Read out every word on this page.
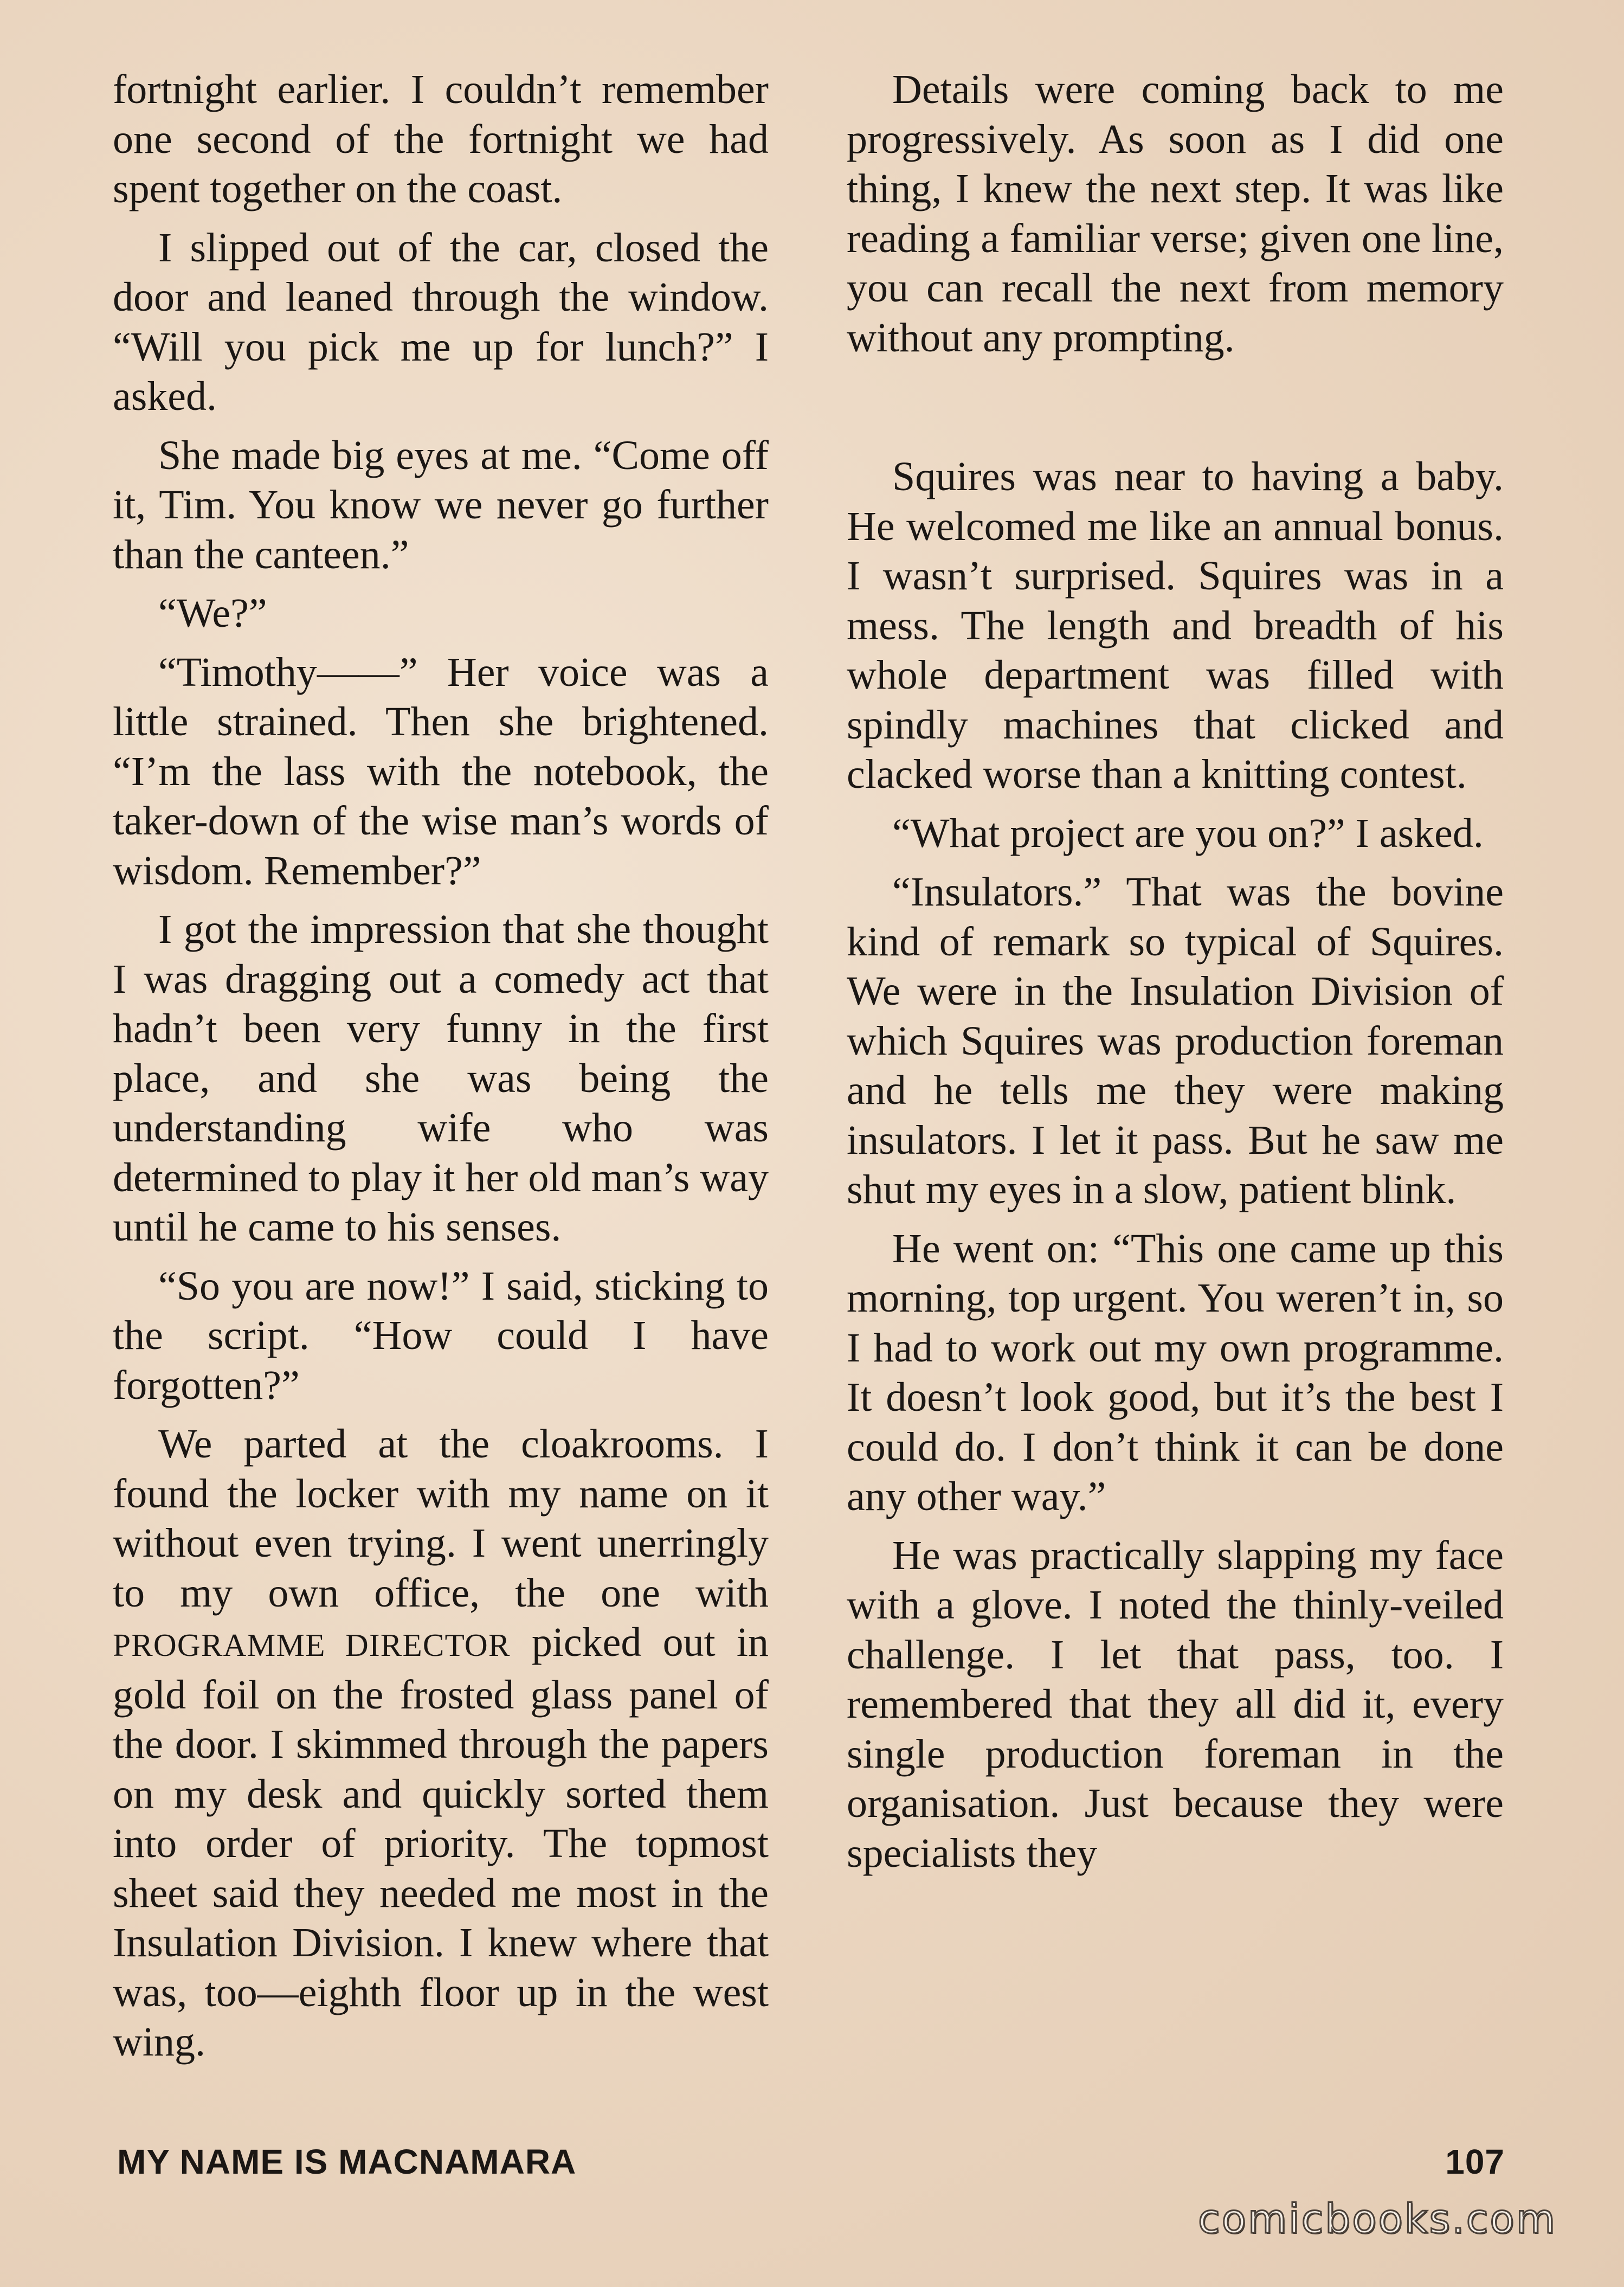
fortnight earlier. I couldn’t remember one second of the fortnight we had spent together on the coast.

I slipped out of the car, closed the door and leaned through the window. “Will you pick me up for lunch?” I asked.

She made big eyes at me. “Come off it, Tim. You know we never go further than the canteen.”

“We?”

“Timothy——” Her voice was a little strained. Then she brightened. “I’m the lass with the notebook, the taker-down of the wise man’s words of wisdom. Remember?”

I got the impression that she thought I was dragging out a comedy act that hadn’t been very funny in the first place, and she was being the understanding wife who was determined to play it her old man’s way until he came to his senses.

“So you are now!” I said, sticking to the script. “How could I have forgotten?”

We parted at the cloakrooms. I found the locker with my name on it without even trying. I went unerringly to my own office, the one with PROGRAMME DIRECTOR picked out in gold foil on the frosted glass panel of the door. I skimmed through the papers on my desk and quickly sorted them into order of priority. The topmost sheet said they needed me most in the Insulation Division. I knew where that was, too—eighth floor up in the west wing.

Details were coming back to me progressively. As soon as I did one thing, I knew the next step. It was like reading a familiar verse; given one line, you can recall the next from memory without any prompting.

Squires was near to having a baby. He welcomed me like an annual bonus. I wasn’t surprised. Squires was in a mess. The length and breadth of his whole department was filled with spindly machines that clicked and clacked worse than a knitting contest.

“What project are you on?” I asked.

“Insulators.” That was the bovine kind of remark so typical of Squires. We were in the Insulation Division of which Squires was production foreman and he tells me they were making insulators. I let it pass. But he saw me shut my eyes in a slow, patient blink.

He went on: “This one came up this morning, top urgent. You weren’t in, so I had to work out my own programme. It doesn’t look good, but it’s the best I could do. I don’t think it can be done any other way.”

He was practically slapping my face with a glove. I noted the thinly-veiled challenge. I let that pass, too. I remembered that they all did it, every single production foreman in the organisation. Just because they were specialists they

MY NAME IS MACNAMARA	107
comicbooks.com
